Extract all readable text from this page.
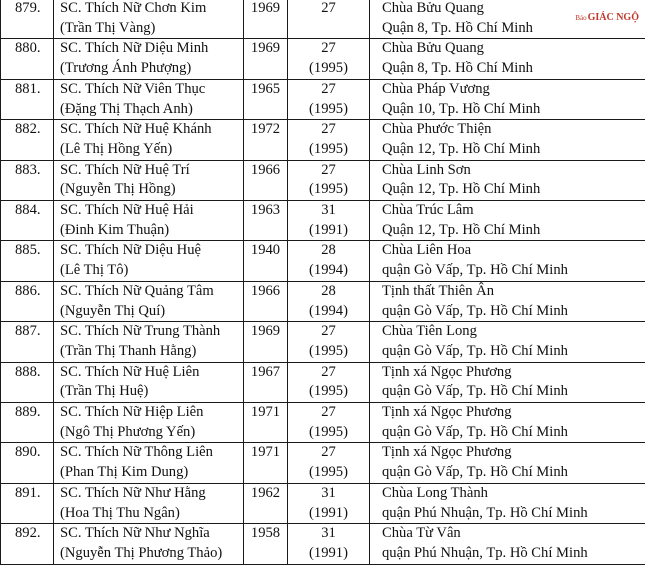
879.	SC. Thích Nữ Chơn Kim
(Trần Thị Vàng)	1969	27	Chùa Bửu Quang
Quận 8, Tp. Hồ Chí Minh

880.	SC. Thích Nữ Diệu Minh
(Trương Ánh Phượng)	1969	27
(1995)	Chùa Bửu Quang
Quận 8, Tp. Hồ Chí Minh

881.	SC. Thích Nữ Viên Thục
(Đặng Thị Thạch Anh)	1965	27
(1995)	Chùa Pháp Vương
Quận 10, Tp. Hồ Chí Minh

882.	SC. Thích Nữ Huệ Khánh
(Lê Thị Hồng Yến)	1972	27
(1995)	Chùa Phước Thiện
Quận 12, Tp. Hồ Chí Minh

883.	SC. Thích Nữ Huệ Trí
(Nguyễn Thị Hồng)	1966	27
(1995)	Chùa Linh Sơn
Quận 12, Tp. Hồ Chí Minh

884.	SC. Thích Nữ Huệ Hải
(Đinh Kim Thuận)	1963	31
(1991)	Chùa Trúc Lâm
Quận 12, Tp. Hồ Chí Minh

885.	SC. Thích Nữ Diệu Huệ
(Lê Thị Tô)	1940	28
(1994)	Chùa Liên Hoa
quận Gò Vấp, Tp. Hồ Chí Minh

886.	SC. Thích Nữ Quảng Tâm
(Nguyễn Thị Quí)	1966	28
(1994)	Tịnh thất Thiên Ân
quận Gò Vấp, Tp. Hồ Chí Minh

887.	SC. Thích Nữ Trung Thành
(Trần Thị Thanh Hằng)	1969	27
(1995)	Chùa Tiên Long
quận Gò Vấp, Tp. Hồ Chí Minh

888.	SC. Thích Nữ Huệ Liên
(Trần Thị Huệ)	1967	27
(1995)	Tịnh xá Ngọc Phương
quận Gò Vấp, Tp. Hồ Chí Minh

889.	SC. Thích Nữ Hiệp Liên
(Ngô Thị Phương Yến)	1971	27
(1995)	Tịnh xá Ngọc Phương
quận Gò Vấp, Tp. Hồ Chí Minh

890.	SC. Thích Nữ Thông Liên
(Phan Thị Kim Dung)	1971	27
(1995)	Tịnh xá Ngọc Phương
quận Gò Vấp, Tp. Hồ Chí Minh

891.	SC. Thích Nữ Như Hằng
(Hoa Thị Thu Ngân)	1962	31
(1991)	Chùa Long Thành
quận Phú Nhuận, Tp. Hồ Chí Minh

892.	SC. Thích Nữ Như Nghĩa
(Nguyễn Thị Phương Thảo)	1958	31
(1991)	Chùa Từ Vân
quận Phú Nhuận, Tp. Hồ Chí Minh
BáoGIÁC NGỘ
